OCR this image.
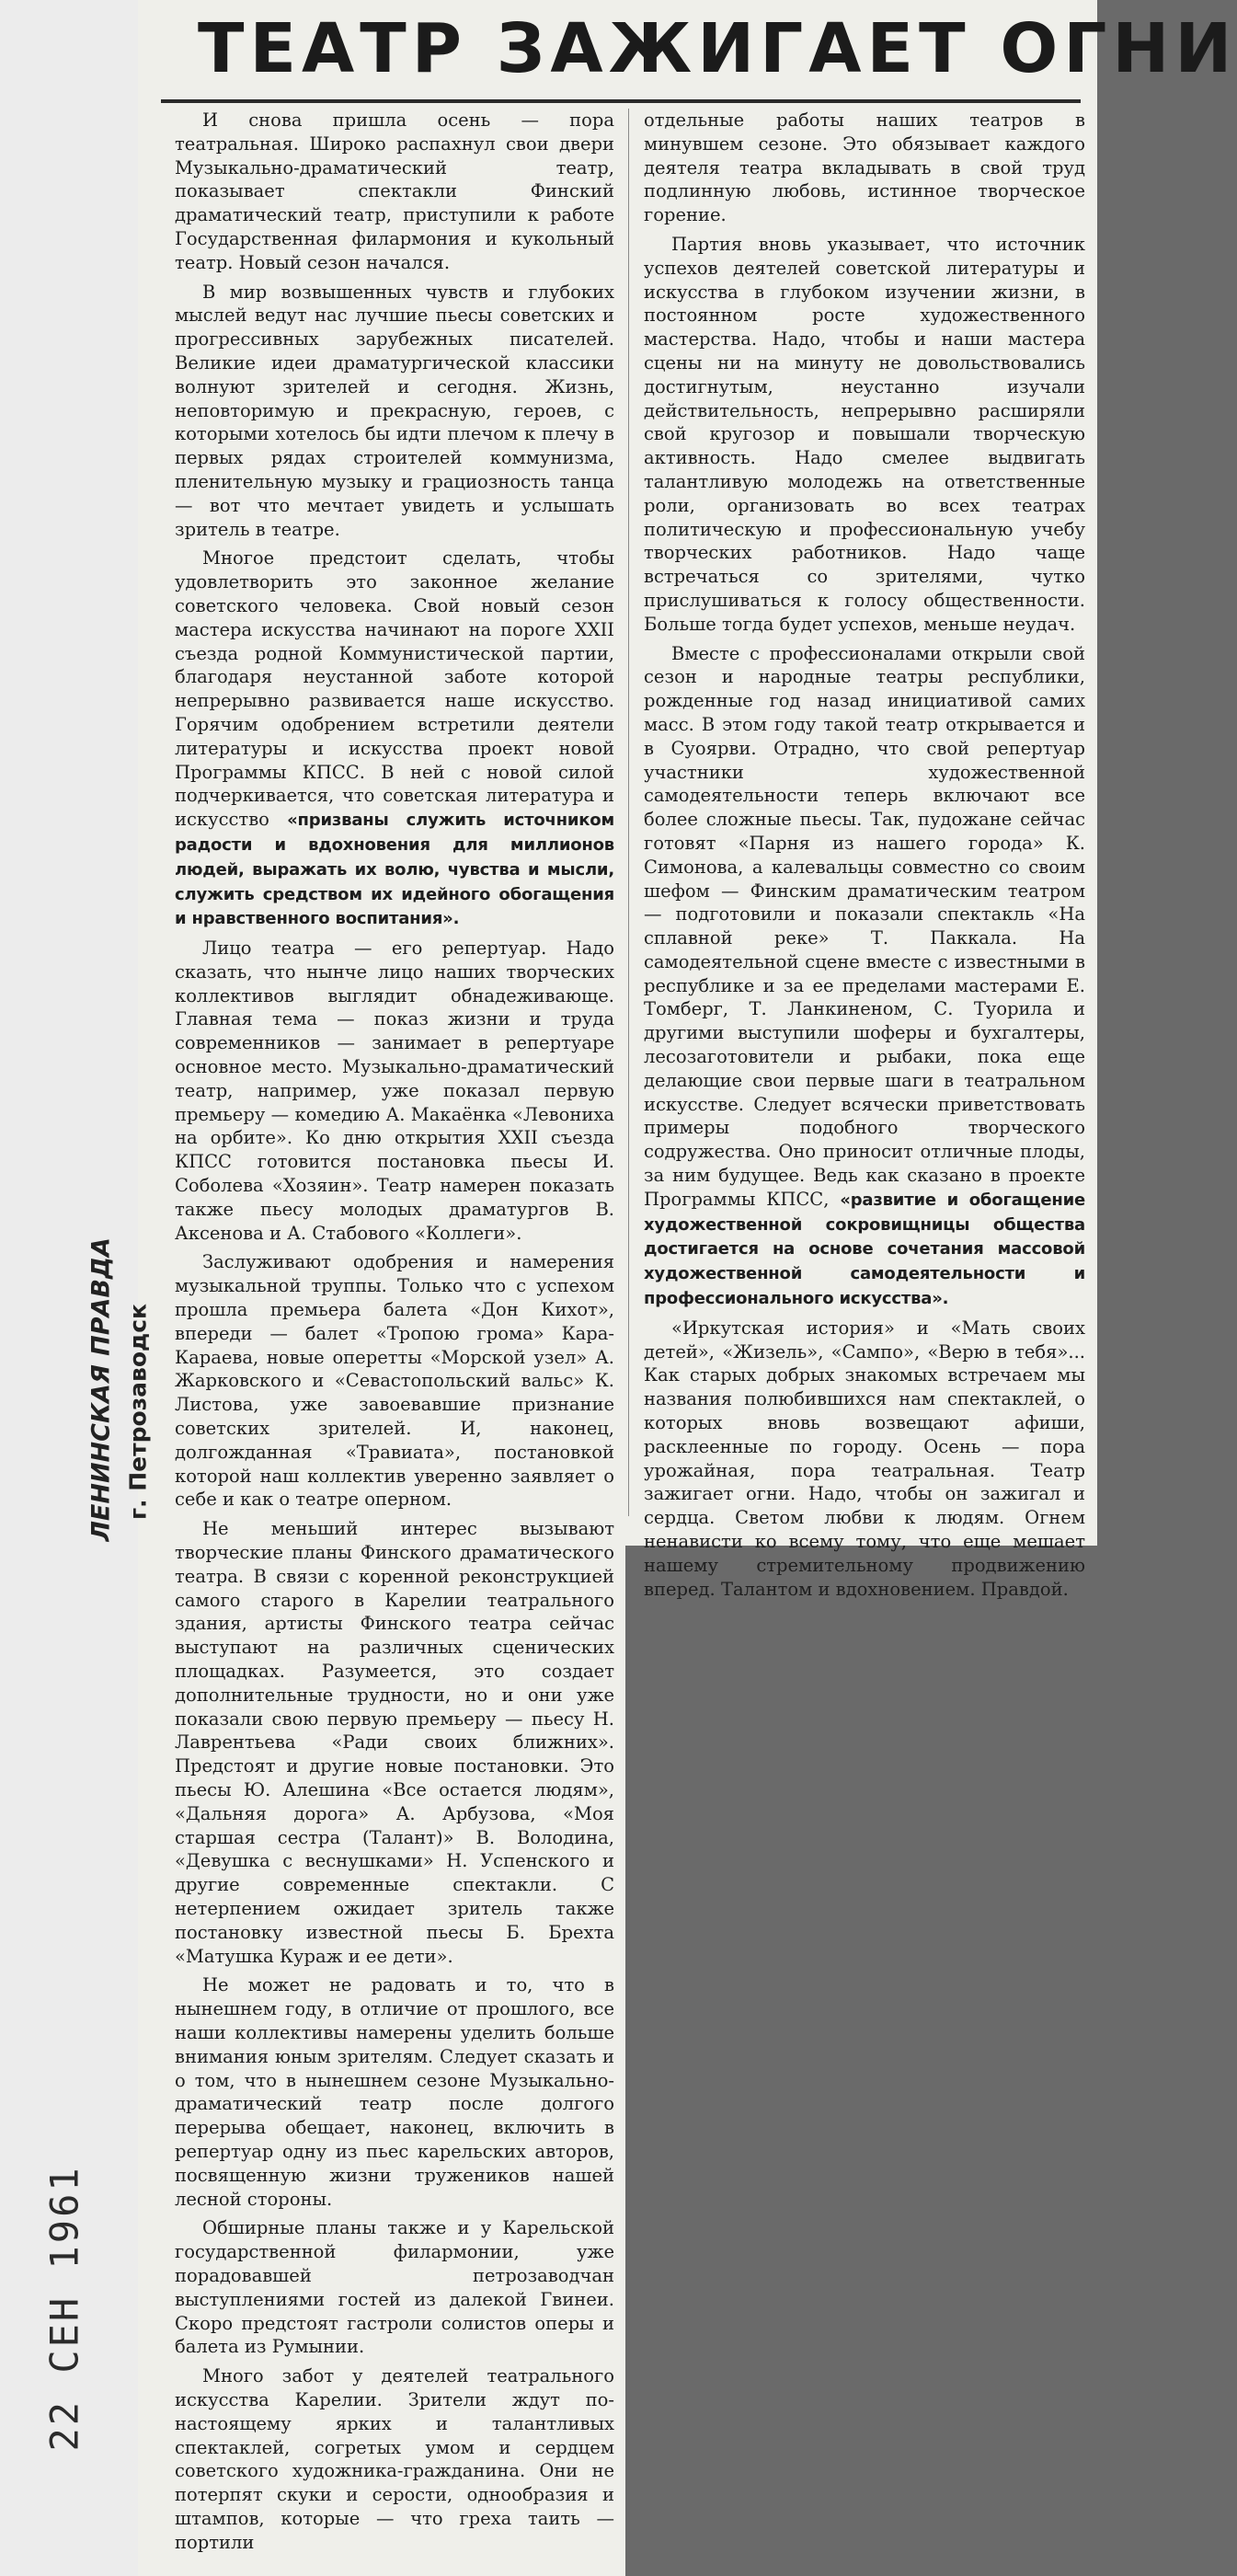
ТЕАТР ЗАЖИГАЕТ ОГНИ

И снова пришла осень — пора театральная. Широко распахнул свои двери Музыкально-драматический театр, показывает спектакли Финский драматический театр, приступили к работе Государственная филармония и кукольный театр. Новый сезон начался.

В мир возвышенных чувств и глубоких мыслей ведут нас лучшие пьесы советских и прогрессивных зарубежных писателей. Великие идеи драматургической классики волнуют зрителей и сегодня. Жизнь, неповторимую и прекрасную, героев, с которыми хотелось бы идти плечом к плечу в первых рядах строителей коммунизма, пленительную музыку и грациозность танца — вот что мечтает увидеть и услышать зритель в театре.

Многое предстоит сделать, чтобы удовлетворить это законное желание советского человека. Свой новый сезон мастера искусства начинают на пороге XXII съезда родной Коммунистической партии, благодаря неустанной заботе которой непрерывно развивается наше искусство. Горячим одобрением встретили деятели литературы и искусства проект новой Программы КПСС. В ней с новой силой подчеркивается, что советская литература и искусство «призваны служить источником радости и вдохновения для миллионов людей, выражать их волю, чувства и мысли, служить средством их идейного обогащения и нравственного воспитания».

Лицо театра — его репертуар. Надо сказать, что нынче лицо наших творческих коллективов выглядит обнадеживающе. Главная тема — показ жизни и труда современников — занимает в репертуаре основное место. Музыкально-драматический театр, например, уже показал первую премьеру — комедию А. Макаёнка «Левониха на орбите». Ко дню открытия XXII съезда КПСС готовится постановка пьесы И. Соболева «Хозяин». Театр намерен показать также пьесу молодых драматургов В. Аксенова и А. Стабового «Коллеги».

Заслуживают одобрения и намерения музыкальной труппы. Только что с успехом прошла премьера балета «Дон Кихот», впереди — балет «Тропою грома» Кара-Караева, новые оперетты «Морской узел» А. Жарковского и «Севастопольский вальс» К. Листова, уже завоевавшие признание советских зрителей. И, наконец, долгожданная «Травиата», постановкой которой наш коллектив уверенно заявляет о себе и как о театре оперном.

Не меньший интерес вызывают творческие планы Финского драматического театра. В связи с коренной реконструкцией самого старого в Карелии театрального здания, артисты Финского театра сейчас выступают на различных сценических площадках. Разумеется, это создает дополнительные трудности, но и они уже показали свою первую премьеру — пьесу Н. Лаврентьева «Ради своих ближних». Предстоят и другие новые постановки. Это пьесы Ю. Алешина «Все остается людям», «Дальняя дорога» А. Арбузова, «Моя старшая сестра (Талант)» В. Володина, «Девушка с веснушками» Н. Успенского и другие современные спектакли. С нетерпением ожидает зритель также постановку известной пьесы Б. Брехта «Матушка Кураж и ее дети».

Не может не радовать и то, что в нынешнем году, в отличие от прошлого, все наши коллективы намерены уделить больше внимания юным зрителям. Следует сказать и о том, что в нынешнем сезоне Музыкально-драматический театр после долгого перерыва обещает, наконец, включить в репертуар одну из пьес карельских авторов, посвященную жизни тружеников нашей лесной стороны.

Обширные планы также и у Карельской государственной филармонии, уже порадовавшей петрозаводчан выступлениями гостей из далекой Гвинеи. Скоро предстоят гастроли солистов оперы и балета из Румынии.

Много забот у деятелей театрального искусства Карелии. Зрители ждут по-настоящему ярких и талантливых спектаклей, согретых умом и сердцем советского художника-гражданина. Они не потерпят скуки и серости, однообразия и штампов, которые — что греха таить — портили

отдельные работы наших театров в минувшем сезоне. Это обязывает каждого деятеля театра вкладывать в свой труд подлинную любовь, истинное творческое горение.

Партия вновь указывает, что источник успехов деятелей советской литературы и искусства в глубоком изучении жизни, в постоянном росте художественного мастерства. Надо, чтобы и наши мастера сцены ни на минуту не довольствовались достигнутым, неустанно изучали действительность, непрерывно расширяли свой кругозор и повышали творческую активность. Надо смелее выдвигать талантливую молодежь на ответственные роли, организовать во всех театрах политическую и профессиональную учебу творческих работников. Надо чаще встречаться со зрителями, чутко прислушиваться к голосу общественности. Больше тогда будет успехов, меньше неудач.

Вместе с профессионалами открыли свой сезон и народные театры республики, рожденные год назад инициативой самих масс. В этом году такой театр открывается и в Суоярви. Отрадно, что свой репертуар участники художественной самодеятельности теперь включают все более сложные пьесы. Так, пудожане сейчас готовят «Парня из нашего города» К. Симонова, а калевальцы совместно со своим шефом — Финским драматическим театром — подготовили и показали спектакль «На сплавной реке» Т. Паккала. На самодеятельной сцене вместе с известными в республике и за ее пределами мастерами Е. Томберг, Т. Ланкиненом, С. Туорила и другими выступили шоферы и бухгалтеры, лесозаготовители и рыбаки, пока еще делающие свои первые шаги в театральном искусстве. Следует всячески приветствовать примеры подобного творческого содружества. Оно приносит отличные плоды, за ним будущее. Ведь как сказано в проекте Программы КПСС, «развитие и обогащение художественной сокровищницы общества достигается на основе сочетания массовой художественной самодеятельности и профессионального искусства».

«Иркутская история» и «Мать своих детей», «Жизель», «Сампо», «Верю в тебя»... Как старых добрых знакомых встречаем мы названия полюбившихся нам спектаклей, о которых вновь возвещают афиши, расклеенные по городу. Осень — пора урожайная, пора театральная. Театр зажигает огни. Надо, чтобы он зажигал и сердца. Светом любви к людям. Огнем ненависти ко всему тому, что еще мешает нашему стремительному продвижению вперед. Талантом и вдохновением. Правдой.

ЛЕНИНСКАЯ ПРАВДА г. Петрозаводск
22 СЕН 1961
